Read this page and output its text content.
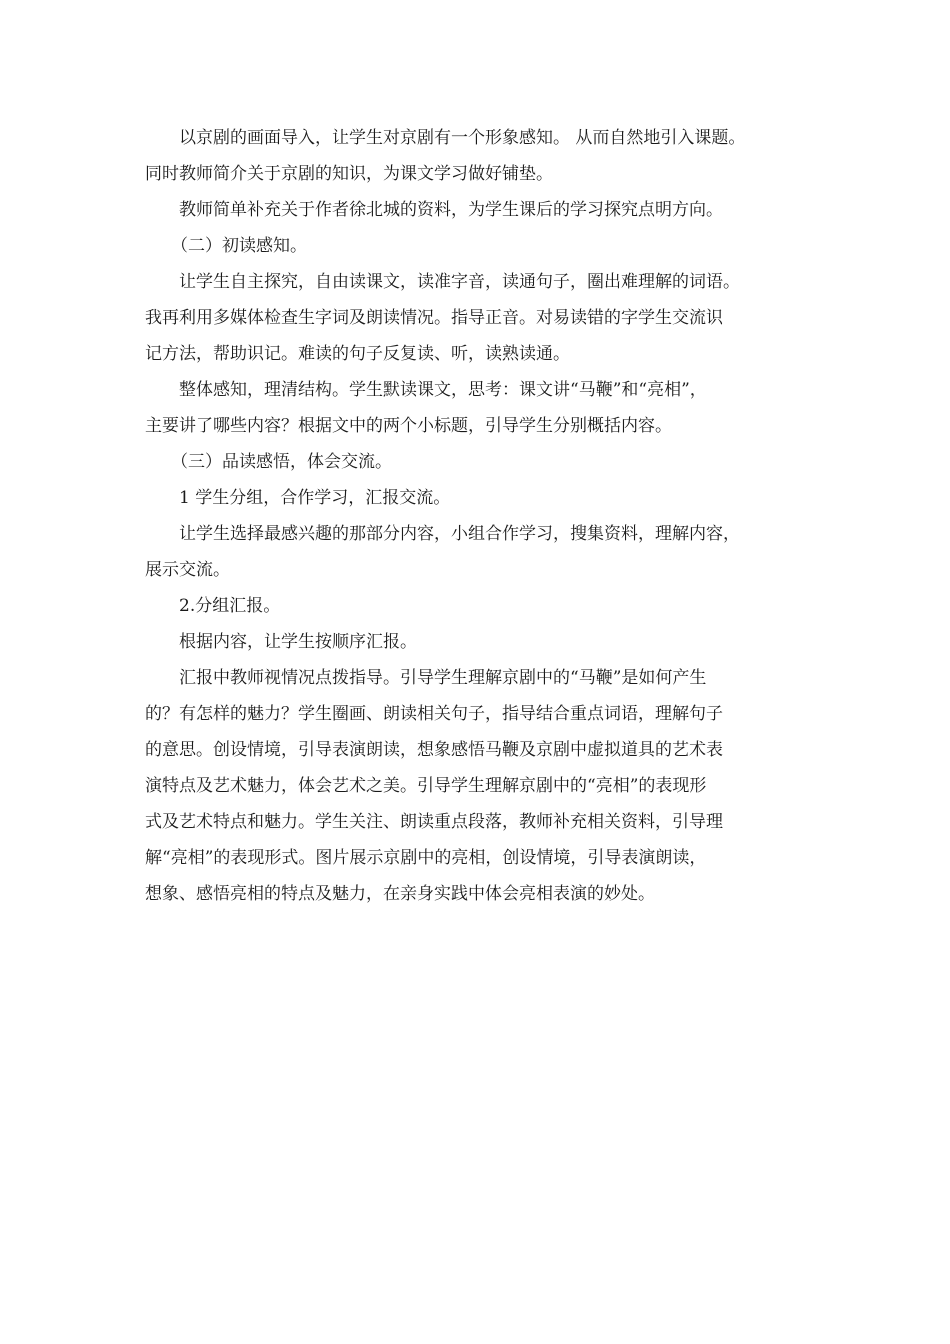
以京剧的画面导入，让学生对京剧有一个形象感知。 从而自然地引入课题。
同时教师简介关于京剧的知识，为课文学习做好铺垫。
教师简单补充关于作者徐北城的资料，为学生课后的学习探究点明方向。
（二）初读感知。
让学生自主探究，自由读课文，读准字音，读通句子，圈出难理解的词语。
我再利用多媒体检查生字词及朗读情况。指导正音。对易读错的字学生交流识
记方法，帮助识记。难读的句子反复读、听，读熟读通。
整体感知，理清结构。学生默读课文，思考：课文讲“马鞭”和“亮相”，
主要讲了哪些内容？根据文中的两个小标题，引导学生分别概括内容。
（三）品读感悟，体会交流。
1 学生分组，合作学习，汇报交流。
让学生选择最感兴趣的那部分内容，小组合作学习，搜集资料，理解内容，
展示交流。
2.分组汇报。
根据内容，让学生按顺序汇报。
汇报中教师视情况点拨指导。引导学生理解京剧中的“马鞭”是如何产生
的？有怎样的魅力？学生圈画、朗读相关句子，指导结合重点词语，理解句子
的意思。创设情境，引导表演朗读，想象感悟马鞭及京剧中虚拟道具的艺术表
演特点及艺术魅力，体会艺术之美。引导学生理解京剧中的“亮相”的表现形
式及艺术特点和魅力。学生关注、朗读重点段落，教师补充相关资料，引导理
解“亮相”的表现形式。图片展示京剧中的亮相，创设情境，引导表演朗读，
想象、感悟亮相的特点及魅力，在亲身实践中体会亮相表演的妙处。
